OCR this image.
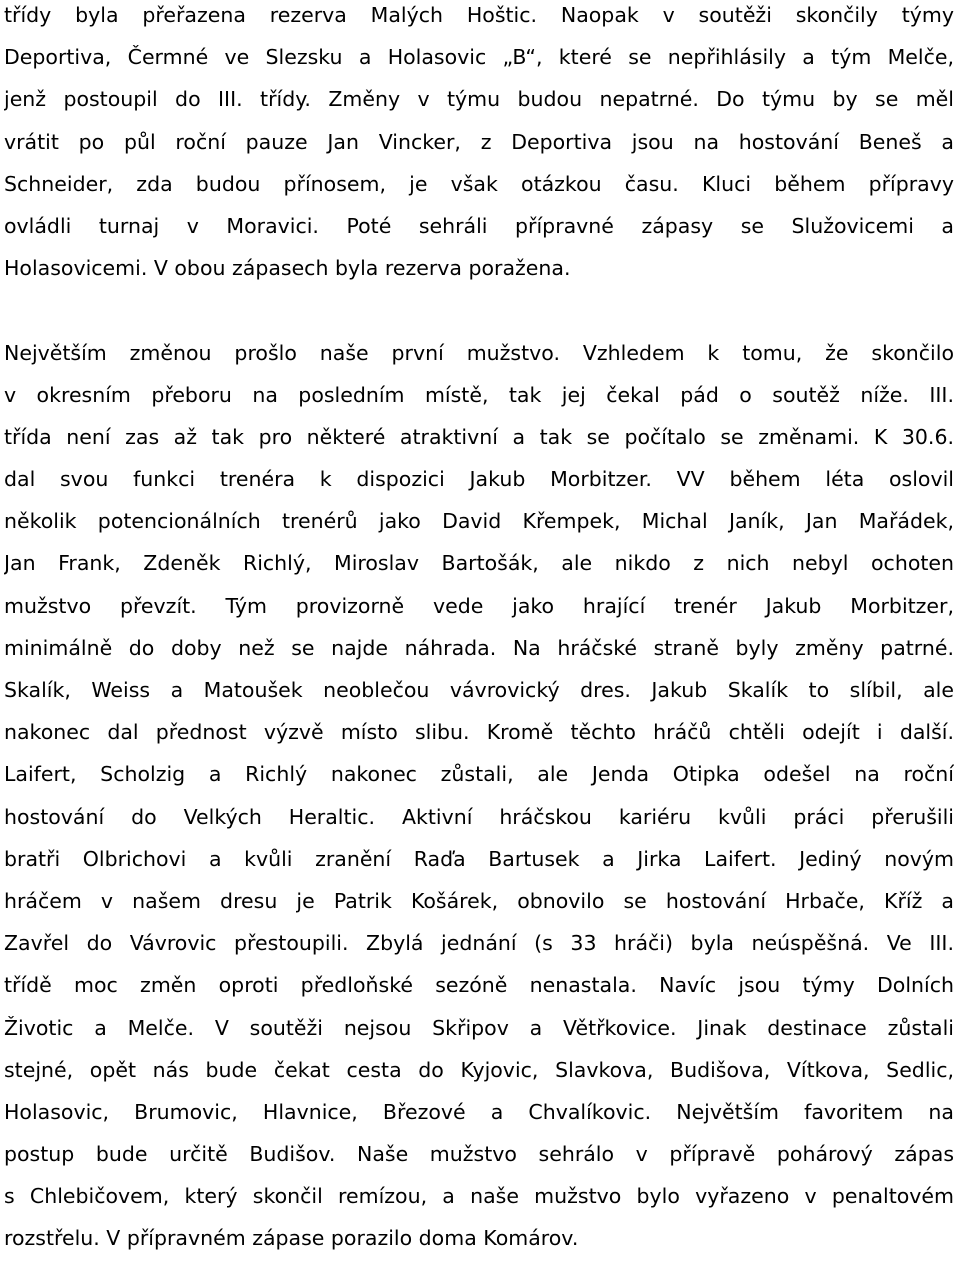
třídy byla přeřazena rezerva Malých Hoštic. Naopak v soutěži skončily týmy
Deportiva, Čermné ve Slezsku a Holasovic „B“, které se nepřihlásily a tým Melče,
jenž postoupil do III. třídy. Změny v týmu budou nepatrné. Do týmu by se měl
vrátit po půl roční pauze Jan Vincker, z Deportiva jsou na hostování Beneš a
Schneider, zda budou přínosem, je však otázkou času. Kluci během přípravy
ovládli turnaj v Moravici. Poté sehráli přípravné zápasy se Služovicemi a
Holasovicemi. V obou zápasech byla rezerva poražena.
Největším změnou prošlo naše první mužstvo. Vzhledem k tomu, že skončilo
v okresním přeboru na posledním místě, tak jej čekal pád o soutěž níže. III.
třída není zas až tak pro některé atraktivní a tak se počítalo se změnami. K 30.6.
dal svou funkci trenéra k dispozici Jakub Morbitzer. VV během léta oslovil
několik potencionálních trenérů jako David Křempek, Michal Janík, Jan Mařádek,
Jan Frank, Zdeněk Richlý, Miroslav Bartošák, ale nikdo z nich nebyl ochoten
mužstvo převzít. Tým provizorně vede jako hrající trenér Jakub Morbitzer,
minimálně do doby než se najde náhrada. Na hráčské straně byly změny patrné.
Skalík, Weiss a Matoušek neoblečou vávrovický dres. Jakub Skalík to slíbil, ale
nakonec dal přednost výzvě místo slibu. Kromě těchto hráčů chtěli odejít i další.
Laifert, Scholzig a Richlý nakonec zůstali, ale Jenda Otipka odešel na roční
hostování do Velkých Heraltic. Aktivní hráčskou kariéru kvůli práci přerušili
bratři Olbrichovi a kvůli zranění Raďa Bartusek a Jirka Laifert. Jediný novým
hráčem v našem dresu je Patrik Košárek, obnovilo se hostování Hrbače, Kříž a
Zavřel do Vávrovic přestoupili. Zbylá jednání (s 33 hráči) byla neúspěšná. Ve III.
třídě moc změn oproti předloňské sezóně nenastala. Navíc jsou týmy Dolních
Životic a Melče. V soutěži nejsou Skřipov a Větřkovice. Jinak destinace zůstali
stejné, opět nás bude čekat cesta do Kyjovic, Slavkova, Budišova, Vítkova, Sedlic,
Holasovic, Brumovic, Hlavnice, Březové a Chvalíkovic. Největším favoritem na
postup bude určitě Budišov. Naše mužstvo sehrálo v přípravě pohárový zápas
s Chlebičovem, který skončil remízou, a naše mužstvo bylo vyřazeno v penaltovém
rozstřelu. V přípravném zápase porazilo doma Komárov.
